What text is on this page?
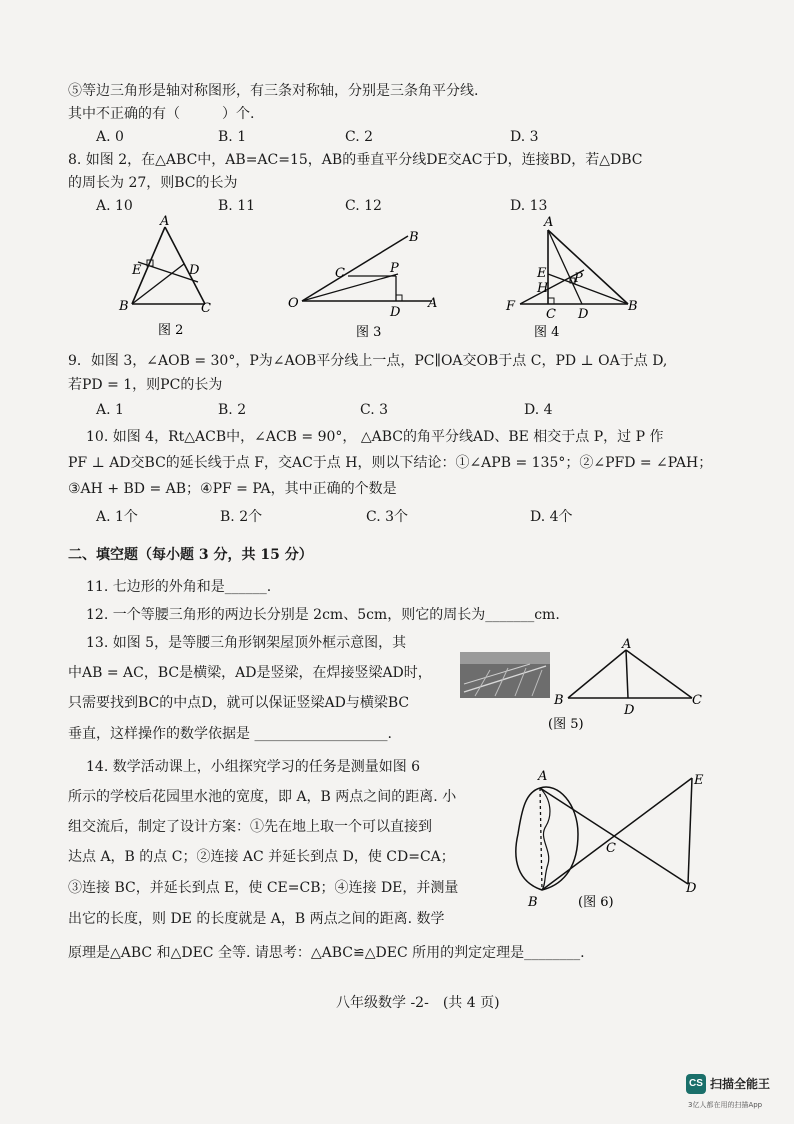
⑤等边三角形是轴对称图形，有三条对称轴，分别是三条角平分线.
其中不正确的有（　　　）个.
A. 0	B. 1	C. 2	D. 3
8. 如图 2，在△ABC中，AB=AC=15，AB的垂直平分线DE交AC于D，连接BD，若△DBC
的周长为 27，则BC的长为
A. 10	B. 11	C. 12	D. 13
A
E	D
B	C
图 2
B
C	P
O
D
A
图 3
A
E
H
P
F
C D
B
图 4
9．如图 3，∠AOB = 30°，P为∠AOB平分线上一点，PC∥OA交OB于点 C，PD ⊥ OA于点 D,
若PD = 1，则PC的长为
A. 1	B. 2	C. 3	D. 4
10. 如图 4，Rt△ACB中，∠ACB = 90°， △ABC的角平分线AD、BE 相交于点 P，过 P 作
PF ⊥ AD交BC的延长线于点 F，交AC于点 H，则以下结论：①∠APB = 135°；②∠PFD = ∠PAH；
③AH + BD = AB；④PF = PA，其中正确的个数是
A. 1个	B. 2个	C. 3个	D. 4个
二、填空题（每小题 3 分，共 15 分）
11. 七边形的外角和是______.
12. 一个等腰三角形的两边长分别是 2cm、5cm，则它的周长为_______cm.
13. 如图 5，是等腰三角形钢架屋顶外框示意图，其
中AB = AC，BC是横梁，AD是竖梁，在焊接竖梁AD时，
只需要找到BC的中点D，就可以保证竖梁AD与横梁BC
垂直，这样操作的数学依据是 ___________________.
A
B
D
C
(图 5)
14. 数学活动课上，小组探究学习的任务是测量如图 6
所示的学校后花园里水池的宽度，即 A，B 两点之间的距离. 小
组交流后，制定了设计方案：①先在地上取一个可以直接到
达点 A，B 的点 C；②连接 AC 并延长到点 D，使 CD=CA；
③连接 BC，并延长到点 E，使 CE=CB；④连接 DE，并测量
出它的长度，则 DE 的长度就是 A，B 两点之间的距离. 数学
原理是△ABC 和△DEC 全等. 请思考：△ABC≌△DEC 所用的判定定理是________.
A	E
C
B
D
(图 6)
八年级数学 -2-　(共 4 页)
CS 扫描全能王
3亿人都在用的扫描App
